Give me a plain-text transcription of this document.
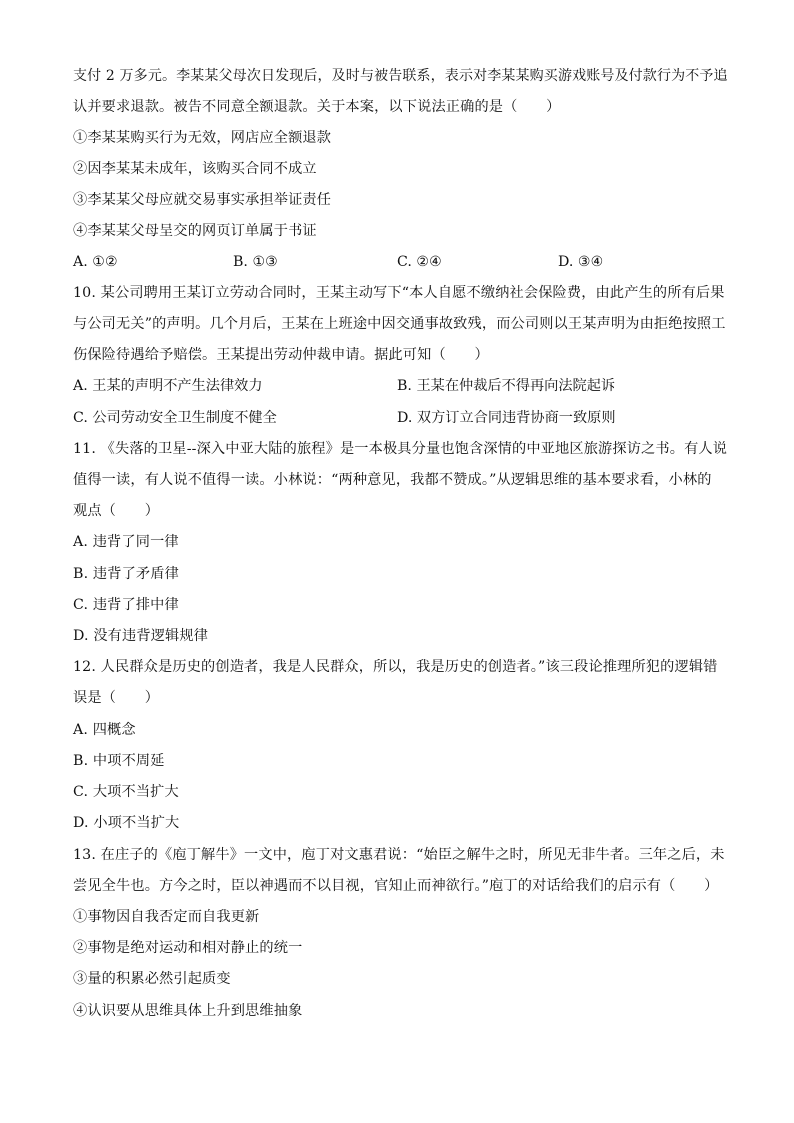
支付 2 万多元。李某某父母次日发现后，及时与被告联系，表示对李某某购买游戏账号及付款行为不予追
认并要求退款。被告不同意全额退款。关于本案，以下说法正确的是（　　）
①李某某购买行为无效，网店应全额退款
②因李某某未成年，该购买合同不成立
③李某某父母应就交易事实承担举证责任
④李某某父母呈交的网页订单属于书证
A. ①②	B. ①③	C. ②④	D. ③④
10. 某公司聘用王某订立劳动合同时，王某主动写下“本人自愿不缴纳社会保险费，由此产生的所有后果
与公司无关”的声明。几个月后，王某在上班途中因交通事故致残，而公司则以王某声明为由拒绝按照工
伤保险待遇给予赔偿。王某提出劳动仲裁申请。据此可知（　　）
A. 王某的声明不产生法律效力	B. 王某在仲裁后不得再向法院起诉
C. 公司劳动安全卫生制度不健全	D. 双方订立合同违背协商一致原则
11. 《失落的卫星--深入中亚大陆的旅程》是一本极具分量也饱含深情的中亚地区旅游探访之书。有人说
值得一读，有人说不值得一读。小林说：“两种意见，我都不赞成。”从逻辑思维的基本要求看，小林的
观点（　　）
A. 违背了同一律
B. 违背了矛盾律
C. 违背了排中律
D. 没有违背逻辑规律
12. 人民群众是历史的创造者，我是人民群众，所以，我是历史的创造者。”该三段论推理所犯的逻辑错
误是（　　）
A. 四概念
B. 中项不周延
C. 大项不当扩大
D. 小项不当扩大
13. 在庄子的《庖丁解牛》一文中，庖丁对文惠君说：“始臣之解牛之时，所见无非牛者。三年之后，未
尝见全牛也。方今之时，臣以神遇而不以目视，官知止而神欲行。”庖丁的对话给我们的启示有（　　）
①事物因自我否定而自我更新
②事物是绝对运动和相对静止的统一
③量的积累必然引起质变
④认识要从思维具体上升到思维抽象
